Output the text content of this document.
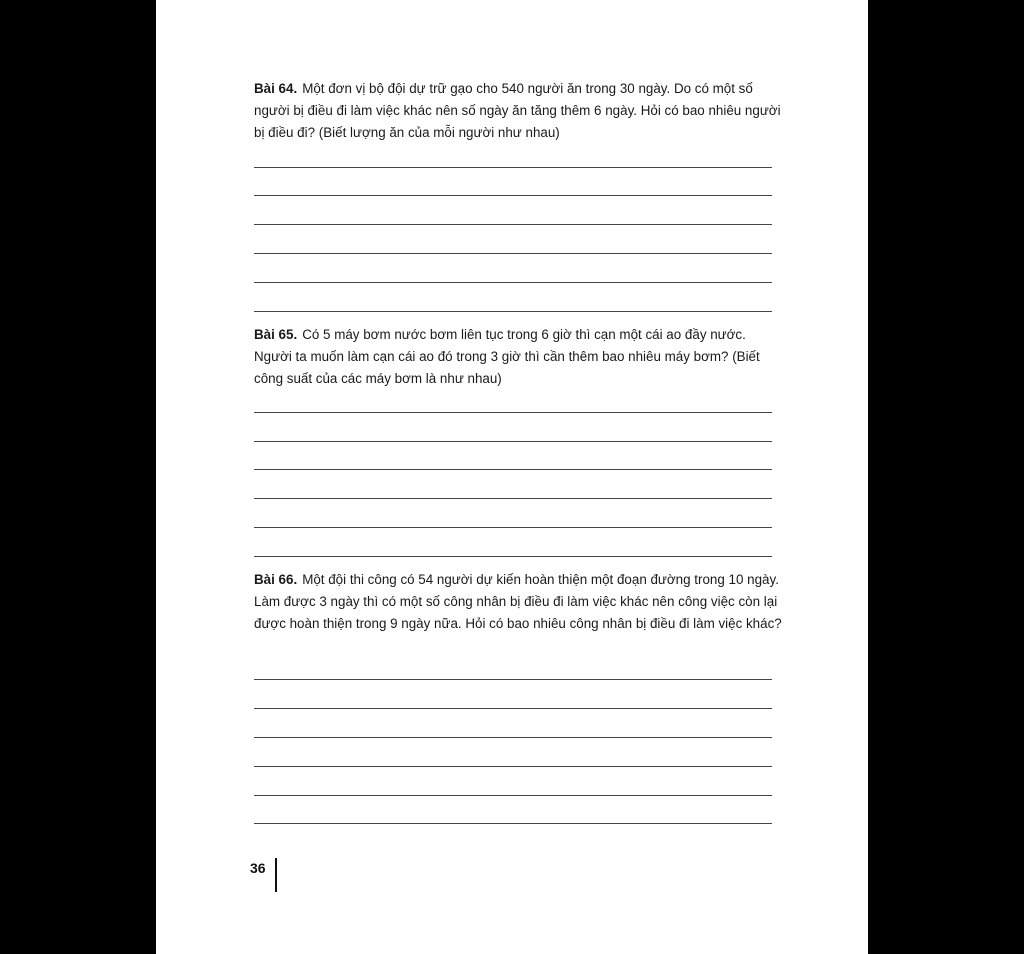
Bài 64. Một đơn vị bộ đội dự trữ gạo cho 540 người ăn trong 30 ngày. Do có một số người bị điều đi làm việc khác nên số ngày ăn tăng thêm 6 ngày. Hỏi có bao nhiêu người bị điều đi? (Biết lượng ăn của mỗi người như nhau)
Bài 65. Có 5 máy bơm nước bơm liên tục trong 6 giờ thì cạn một cái ao đầy nước. Người ta muốn làm cạn cái ao đó trong 3 giờ thì cần thêm bao nhiêu máy bơm? (Biết công suất của các máy bơm là như nhau)
Bài 66. Một đội thi công có 54 người dự kiến hoàn thiện một đoạn đường trong 10 ngày. Làm được 3 ngày thì có một số công nhân bị điều đi làm việc khác nên công việc còn lại được hoàn thiện trong 9 ngày nữa. Hỏi có bao nhiêu công nhân bị điều đi làm việc khác?
36
